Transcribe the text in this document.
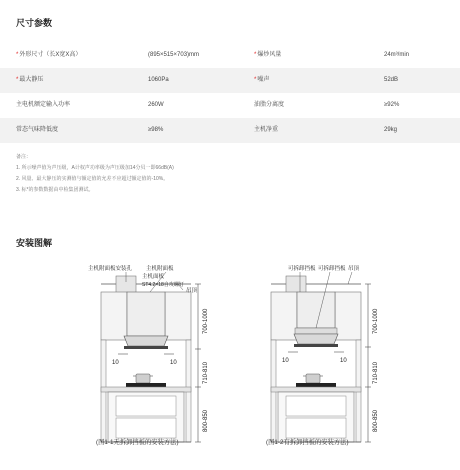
尺寸参数
*外形尺寸（长X宽X高）	(895×515×703)mm	*爆炒风量	24m³/min
*最大静压	1060Pa	*噪声	52dB
主电机额定输入功率	260W	油脂分离度	≥92%
常态气味降低度	≥98%	主机净重	29kg
备注：
1. 所示噪声值为声压级，A计权声功率级为声压级加14分贝一即66dB(A)
2. 风量、最大静压的实测值与额定值的允差不应超过额定值的-10%。
3. 标*的参数数据由中检集团测试。
安装图解
10	10
700-1000
710-810
800-850
主机附面板安装孔	主机附面板
主机面板
ST4.2×18自攻螺钉
吊顶
10	10
700-1000
710-810
800-850
可拆卸挡板 可拆卸挡板 吊顶
(图1-1无拆卸挡板的安装方法)	(图1-2有拆卸挡板的安装方法)
